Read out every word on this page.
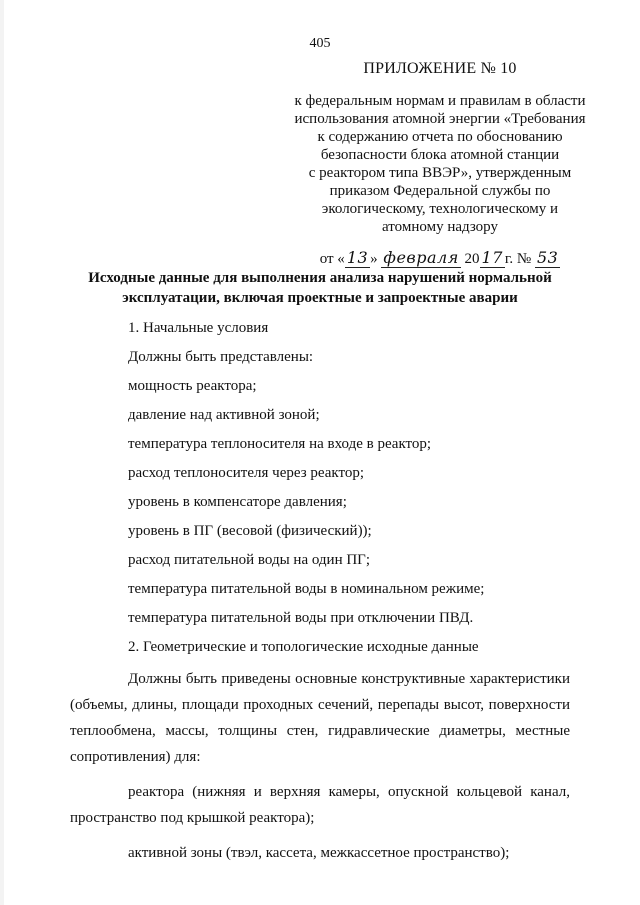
405
ПРИЛОЖЕНИЕ № 10
к федеральным нормам и правилам в области
использования атомной энергии «Требования
к содержанию отчета по обоснованию
безопасности блока атомной станции
с реактором типа ВВЭР», утвержденным
приказом Федеральной службы по
экологическому, технологическому и
атомному надзору
от « 13 » февраля 20 17 г. № 53
Исходные данные для выполнения анализа нарушений нормальной эксплуатации, включая проектные и запроектные аварии

1. Начальные условия

Должны быть представлены:

мощность реактора;

давление над активной зоной;

температура теплоносителя на входе в реактор;

расход теплоносителя через реактор;

уровень в компенсаторе давления;

уровень в ПГ (весовой (физический));

расход питательной воды на один ПГ;

температура питательной воды в номинальном режиме;

температура питательной воды при отключении ПВД.

2. Геометрические и топологические исходные данные

Должны быть приведены основные конструктивные характеристики (объемы, длины, площади проходных сечений, перепады высот, поверхности теплообмена, массы, толщины стен, гидравлические диаметры, местные сопротивления) для:

реактора (нижняя и верхняя камеры, опускной кольцевой канал, пространство под крышкой реактора);

активной зоны (твэл, кассета, межкассетное пространство);
